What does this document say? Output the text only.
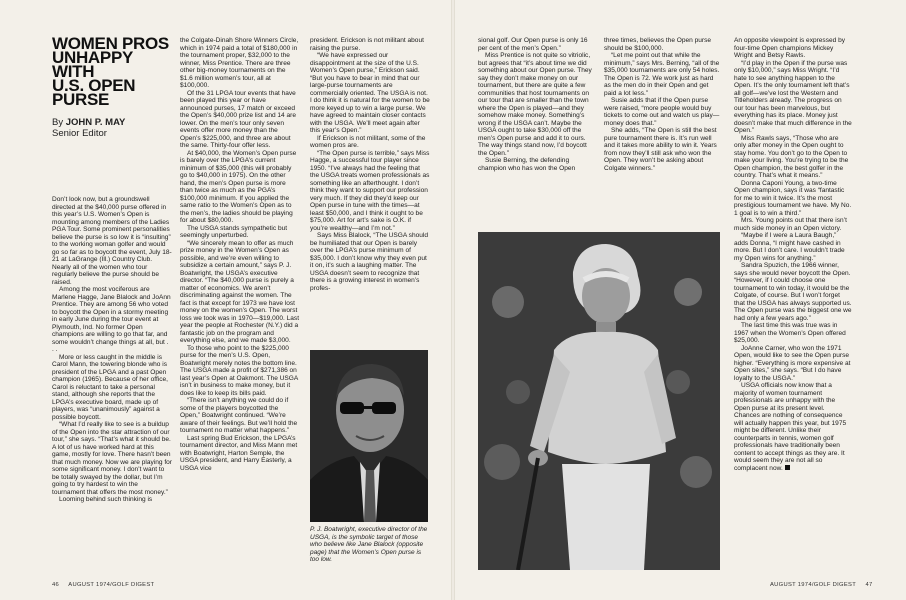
WOMEN PROS
UNHAPPY
WITH
U.S. OPEN
PURSE
By JOHN P. MAY
Senior Editor

Don’t look now, but a groundswell directed at the $40,000 purse offered in this year’s U.S. Women’s Open is mounting among members of the Ladies PGA Tour. Some prominent personalities believe the purse is so low it is “insulting” to the working woman golfer and would go so far as to boycott the event, July 18-21 at LaGrange (Ill.) Country Club. Nearly all of the women who tour regularly believe the purse should be raised.

Among the most vociferous are Marlene Hagge, Jane Blalock and JoAnn Prentice. They are among 56 who voted to boycott the Open in a stormy meeting in early June during the tour event at Plymouth, Ind. No former Open champions are willing to go that far, and some wouldn’t change things at all, but . . .

More or less caught in the middle is Carol Mann, the towering blonde who is president of the LPGA and a past Open champion (1965). Because of her office, Carol is reluctant to take a personal stand, although she reports that the LPGA’s executive board, made up of players, was “unanimously” against a possible boycott.

“What I’d really like to see is a buildup of the Open into the star attraction of our tour,” she says. “That’s what it should be. A lot of us have worked hard at this game, mostly for love. There hasn’t been that much money. Now we are playing for some significant money. I don’t want to be totally swayed by the dollar, but I’m going to try hardest to win the tournament that offers the most money.”

Looming behind such thinking is

the Colgate-Dinah Shore Winners Circle, which in 1974 paid a total of $180,000 in the tournament proper, $32,000 to the winner, Miss Prentice. There are three other big-money tournaments on the $1.6 million women’s tour, all at $100,000.

Of the 31 LPGA tour events that have been played this year or have announced purses, 17 match or exceed the Open’s $40,000 prize list and 14 are lower. On the men’s tour only seven events offer more money than the Open’s $225,000, and three are about the same. Thirty-four offer less.

At $40,000, the Women’s Open purse is barely over the LPGA’s current minimum of $35,000 (this will probably go to $40,000 in 1975). On the other hand, the men’s Open purse is more than twice as much as the PGA’s $100,000 minimum. If you applied the same ratio to the Women’s Open as to the men’s, the ladies should be playing for about $80,000.

The USGA stands sympathetic but seemingly unperturbed.

“We sincerely mean to offer as much prize money in the Women’s Open as possible, and we’re even willing to subsidize a certain amount,” says P. J. Boatwright, the USGA’s executive director. “The $40,000 purse is purely a matter of economics. We aren’t discriminating against the women. The fact is that except for 1973 we have lost money on the women’s Open. The worst loss we took was in 1970—$19,000. Last year the people at Rochester (N.Y.) did a fantastic job on the program and everything else, and we made $3,000.

To those who point to the $225,000 purse for the men’s U.S. Open, Boatwright merely notes the bottom line. The USGA made a profit of $271,386 on last year’s Open at Oakmont. The USGA isn’t in business to make money, but it does like to keep its bills paid.

“There isn’t anything we could do if some of the players boycotted the Open,” Boatwright continued. “We’re aware of their feelings. But we’ll hold the tournament no matter what happens.”

Last spring Bud Erickson, the LPGA’s tournament director, and Miss Mann met with Boatwright, Harton Semple, the USGA president, and Harry Easterly, a USGA vice

president. Erickson is not militant about raising the purse.

“We have expressed our disappointment at the size of the U.S. Women’s Open purse,” Erickson said. “But you have to bear in mind that our large-purse tournaments are commercially oriented. The USGA is not. I do think it is natural for the women to be more keyed up to win a large purse. We have agreed to maintain closer contacts with the USGA. We’ll meet again after this year’s Open.”

If Erickson is not militant, some of the women pros are.

“The Open purse is terrible,” says Miss Hagge, a successful tour player since 1950. “I’ve always had the feeling that the USGA treats women professionals as something like an afterthought. I don’t think they want to support our profession very much. If they did they’d keep our Open purse in tune with the times—at least $50,000, and I think it ought to be $75,000. Art for art’s sake is O.K. if you’re wealthy—and I’m not.”

Says Miss Blalock, “The USGA should be humiliated that our Open is barely over the LPGA’s purse minimum of $35,000. I don’t know why they even put it on, it’s such a laughing matter. The USGA doesn’t seem to recognize that there is a growing interest in women’s profes-

P. J. Boatwright, executive director of the USGA, is the symbolic target of those who believe like Jane Blalock (opposite page) that the Women’s Open purse is too low.

sional golf. Our Open purse is only 16 per cent of the men’s Open.”

Miss Prentice is not quite so vitriolic, but agrees that “it’s about time we did something about our Open purse. They say they don’t make money on our tournament, but there are quite a few communities that host tournaments on our tour that are smaller than the town where the Open is played—and they somehow make money. Something’s wrong if the USGA can’t. Maybe the USGA ought to take $30,000 off the men’s Open purse and add it to ours. The way things stand now, I’d boycott the Open.”

Susie Berning, the defending champion who has won the Open

three times, believes the Open purse should be $100,000.

“Let me point out that while the minimum,” says Mrs. Berning, “all of the $35,000 tournaments are only 54 holes. The Open is 72. We work just as hard as the men do in their Open and get paid a lot less.”

Susie adds that if the Open purse were raised, “more people would buy tickets to come out and watch us play—money does that.”

She adds, “The Open is still the best pure tournament there is. It’s run well and it takes more ability to win it. Years from now they’ll still ask who won the Open. They won’t be asking about Colgate winners.”

An opposite viewpoint is expressed by four-time Open champions Mickey Wright and Betsy Rawls.

“I’d play in the Open if the purse was only $10,000,” says Miss Wright. “I’d hate to see anything happen to the Open. It’s the only tournament left that’s all golf—we’ve lost the Western and Titleholders already. The progress on our tour has been marvelous, but everything has its place. Money just doesn’t make that much difference in the Open.”

Miss Rawls says, “Those who are only after money in the Open ought to stay home. You don’t go to the Open to make your living. You’re trying to be the Open champion, the best golfer in the country. That’s what it means.”

Donna Caponi Young, a two-time Open champion, says it was “fantastic for me to win it twice. It’s the most prestigious tournament we have. My No. 1 goal is to win a third.”

Mrs. Young points out that there isn’t much side money in an Open victory.

“Maybe if I were a Laura Baugh,” adds Donna, “I might have cashed in more. But I don’t care. I wouldn’t trade my Open wins for anything.”

Sandra Spuzich, the 1966 winner, says she would never boycott the Open. “However, if I could choose one tournament to win today, it would be the Colgate, of course. But I won’t forget that the USGA has always supported us. The Open purse was the biggest one we had only a few years ago.”

The last time this was true was in 1967 when the Women’s Open offered $25,000.

JoAnne Carner, who won the 1971 Open, would like to see the Open purse higher. “Everything is more expensive at Open sites,” she says. “But I do have loyalty to the USGA.”

USGA officials now know that a majority of women tournament professionals are unhappy with the Open purse at its present level. Chances are nothing of consequence will actually happen this year, but 1975 might be different. Unlike their counterparts in tennis, women golf professionals have traditionally been content to accept things as they are. It would seem they are not all so complacent now.

46 AUGUST 1974/GOLF DIGEST	AUGUST 1974/GOLF DIGEST 47
